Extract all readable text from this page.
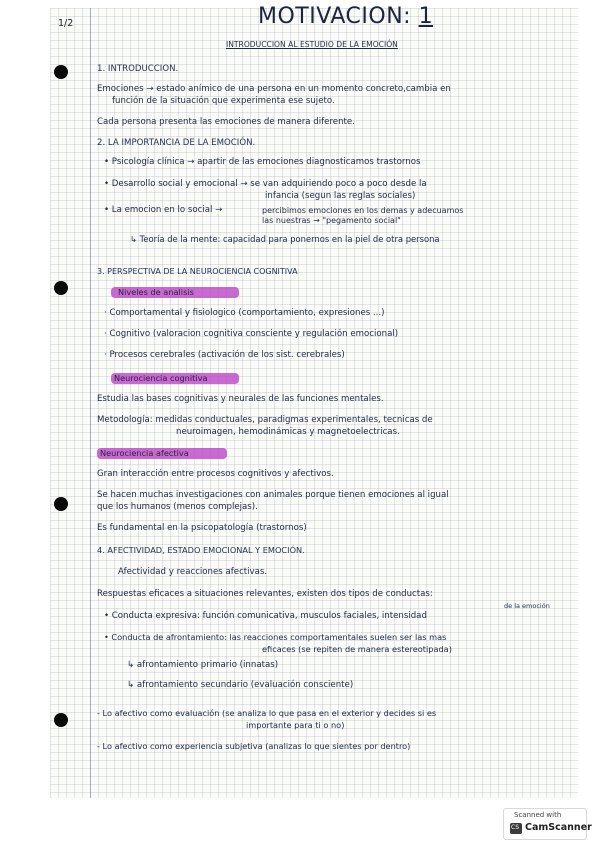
1/2	MOTIVACION: 1
INTRODUCCION AL ESTUDIO DE LA EMOCIÓN
1. INTRODUCCION.
Emociones → estado anímico de una persona en un momento concreto,cambia en
función de la situación que experimenta ese sujeto.
Cada persona presenta las emociones de manera diferente.
2. LA IMPORTANCIA DE LA EMOCIÓN.
• Psicología clínica → apartir de las emociones diagnosticamos trastornos
• Desarrollo social y emocional → se van adquiriendo poco a poco desde la
infancia (segun las reglas sociales)
• La emocion en lo social →	percibimos emociones en los demas y adecuamos
las nuestras → "pegamento social"
↳ Teoría de la mente: capacidad para ponernos en la piel de otra persona
3. PERSPECTIVA DE LA NEUROCIENCIA COGNITIVA
Niveles de analisis
· Comportamental y fisiologico (comportamiento, expresiones ...)
· Cognitivo (valoracion cognitiva consciente y regulación emocional)
· Procesos cerebrales (activación de los sist. cerebrales)
Neurociencia cognitiva
Estudia las bases cognitivas y neurales de las funciones mentales.
Metodología: medidas conductuales, paradigmas experimentales, tecnicas de
neuroimagen, hemodinámicas y magnetoelectricas.
Neurociencia afectiva
Gran interacción entre procesos cognitivos y afectivos.
Se hacen muchas investigaciones con animales porque tienen emociones al igual
que los humanos (menos complejas).
Es fundamental en la psicopatología (trastornos)
4. AFECTIVIDAD, ESTADO EMOCIONAL Y EMOCIÓN.
Afectividad y reacciones afectivas.
Respuestas eficaces a situaciones relevantes, existen dos tipos de conductas:
• Conducta expresiva: función comunicativa, musculos faciales, intensidad
de la emoción
• Conducta de afrontamiento: las reacciones comportamentales suelen ser las mas
eficaces (se repiten de manera estereotipada)
↳ afrontamiento primario (innatas)
↳ afrontamiento secundario (evaluación consciente)
- Lo afectivo como evaluación (se analiza lo que pasa en el exterior y decides si es
importante para ti o no)
- Lo afectivo como experiencia subjetiva (analizas lo que sientes por dentro)
Scanned with
CS
CamScanner
